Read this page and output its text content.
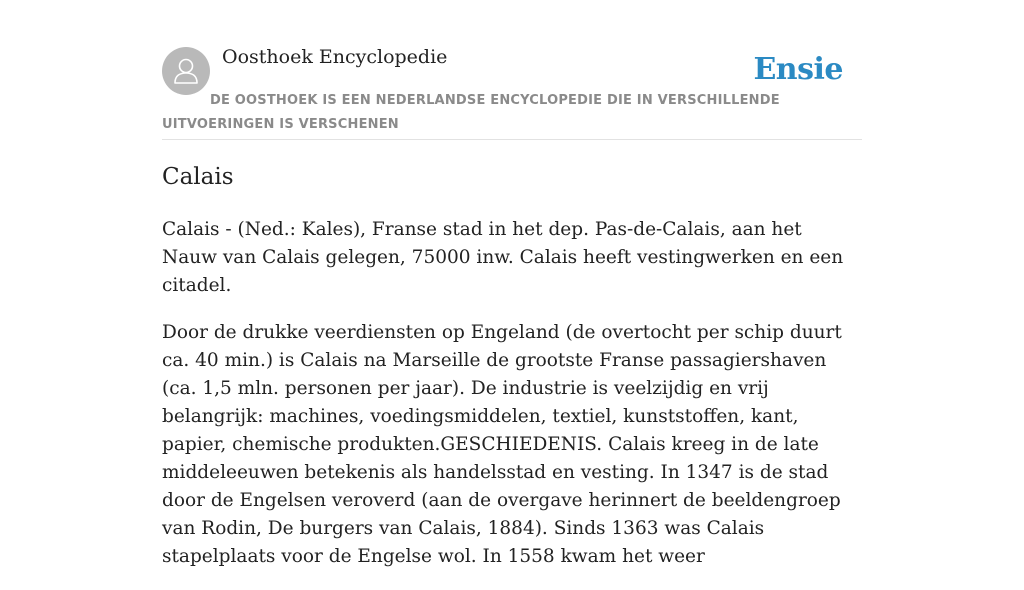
Oosthoek Encyclopedie	Ensie
DE OOSTHOEK IS EEN NEDERLANDSE ENCYCLOPEDIE DIE IN VERSCHILLENDE UITVOERINGEN IS VERSCHENEN
Calais

Calais - (Ned.: Kales), Franse stad in het dep. Pas-de-Calais, aan het Nauw van Calais gelegen, 75000 inw. Calais heeft vestingwerken en een citadel.

Door de drukke veerdiensten op Engeland (de overtocht per schip duurt ca. 40 min.) is Calais na Marseille de grootste Franse passagiershaven (ca. 1,5 mln. personen per jaar). De industrie is veelzijdig en vrij belangrijk: machines, voedingsmiddelen, textiel, kunststoffen, kant, papier, chemische produkten.GESCHIEDENIS. Calais kreeg in de late middeleeuwen betekenis als handelsstad en vesting. In 1347 is de stad door de Engelsen veroverd (aan de overgave herinnert de beeldengroep van Rodin, De burgers van Calais, 1884). Sinds 1363 was Calais stapelplaats voor de Engelse wol. In 1558 kwam het weer
